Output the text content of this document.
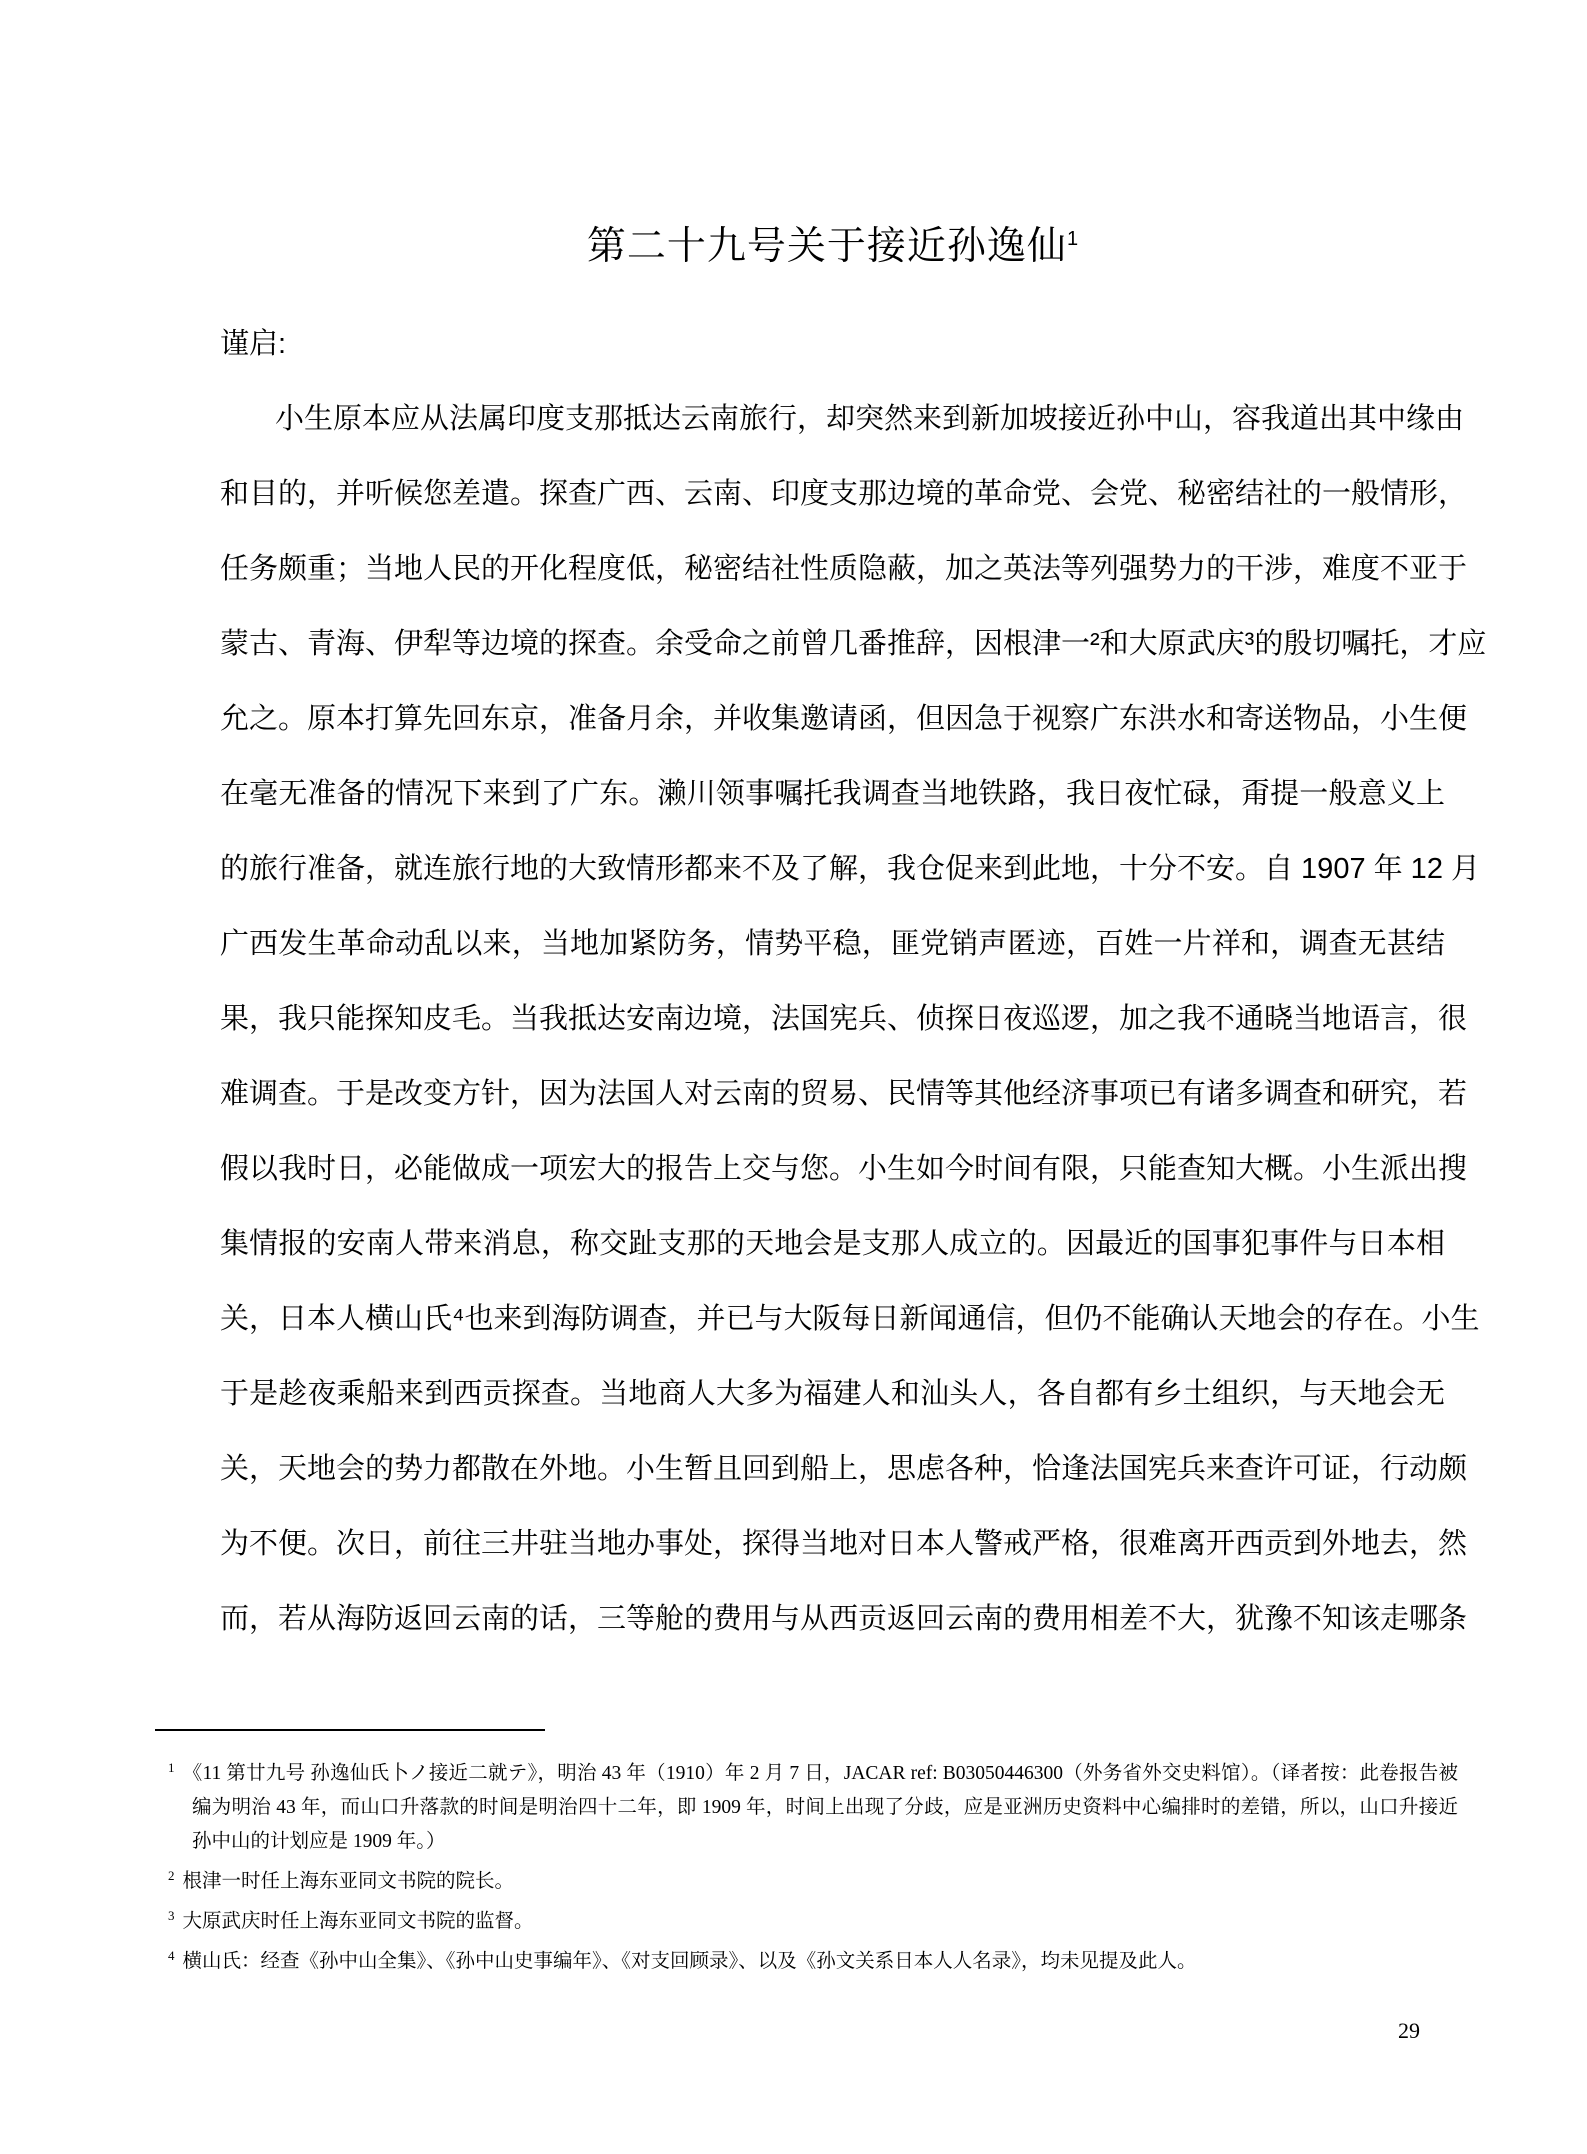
第二十九号关于接近孙逸仙$^1$
谨启:
小生原本应从法属印度支那抵达云南旅行，却突然来到新加坡接近孙中山，容我道出其中缘由
和目的，并听候您差遣。探查广西、云南、印度支那边境的革命党、会党、秘密结社的一般情形，
任务颇重；当地人民的开化程度低，秘密结社性质隐蔽，加之英法等列强势力的干涉，难度不亚于
蒙古、青海、伊犁等边境的探查。余受命之前曾几番推辞，因根津一²和大原武庆³的殷切嘱托，才应
允之。原本打算先回东京，准备月余，并收集邀请函，但因急于视察广东洪水和寄送物品，小生便
在毫无准备的情况下来到了广东。濑川领事嘱托我调查当地铁路，我日夜忙碌，甭提一般意义上
的旅行准备，就连旅行地的大致情形都来不及了解，我仓促来到此地，十分不安。自 1907 年 12 月
广西发生革命动乱以来，当地加紧防务，情势平稳，匪党销声匿迹，百姓一片祥和，调查无甚结
果，我只能探知皮毛。当我抵达安南边境，法国宪兵、侦探日夜巡逻，加之我不通晓当地语言，很
难调查。于是改变方针，因为法国人对云南的贸易、民情等其他经济事项已有诸多调查和研究，若
假以我时日，必能做成一项宏大的报告上交与您。小生如今时间有限，只能查知大概。小生派出搜
集情报的安南人带来消息，称交趾支那的天地会是支那人成立的。因最近的国事犯事件与日本相
关，日本人横山氏⁴也来到海防调查，并已与大阪每日新闻通信，但仍不能确认天地会的存在。小生
于是趁夜乘船来到西贡探查。当地商人大多为福建人和汕头人，各自都有乡土组织，与天地会无
关，天地会的势力都散在外地。小生暂且回到船上，思虑各种，恰逢法国宪兵来查许可证，行动颇
为不便。次日，前往三井驻当地办事处，探得当地对日本人警戒严格，很难离开西贡到外地去，然
而，若从海防返回云南的话，三等舱的费用与从西贡返回云南的费用相差不大，犹豫不知该走哪条
$^1$ 《11 第廿九号 孙逸仙氏卜ノ接近二就テ》，明治 43 年（1910）年 2 月 7 日，JACAR ref: B03050446300（外务省外交史料馆）。（译者按：此卷报告被编为明治 43 年，而山口升落款的时间是明治四十二年，即 1909 年，时间上出现了分歧，应是亚洲历史资料中心编排时的差错，所以，山口升接近孙中山的计划应是 1909 年。）
$^2$ 根津一时任上海东亚同文书院的院长。
$^3$ 大原武庆时任上海东亚同文书院的监督。
$^4$ 横山氏：经查《孙中山全集》、《孙中山史事编年》、《对支回顾录》、以及《孙文关系日本人人名录》，均未见提及此人。
29
